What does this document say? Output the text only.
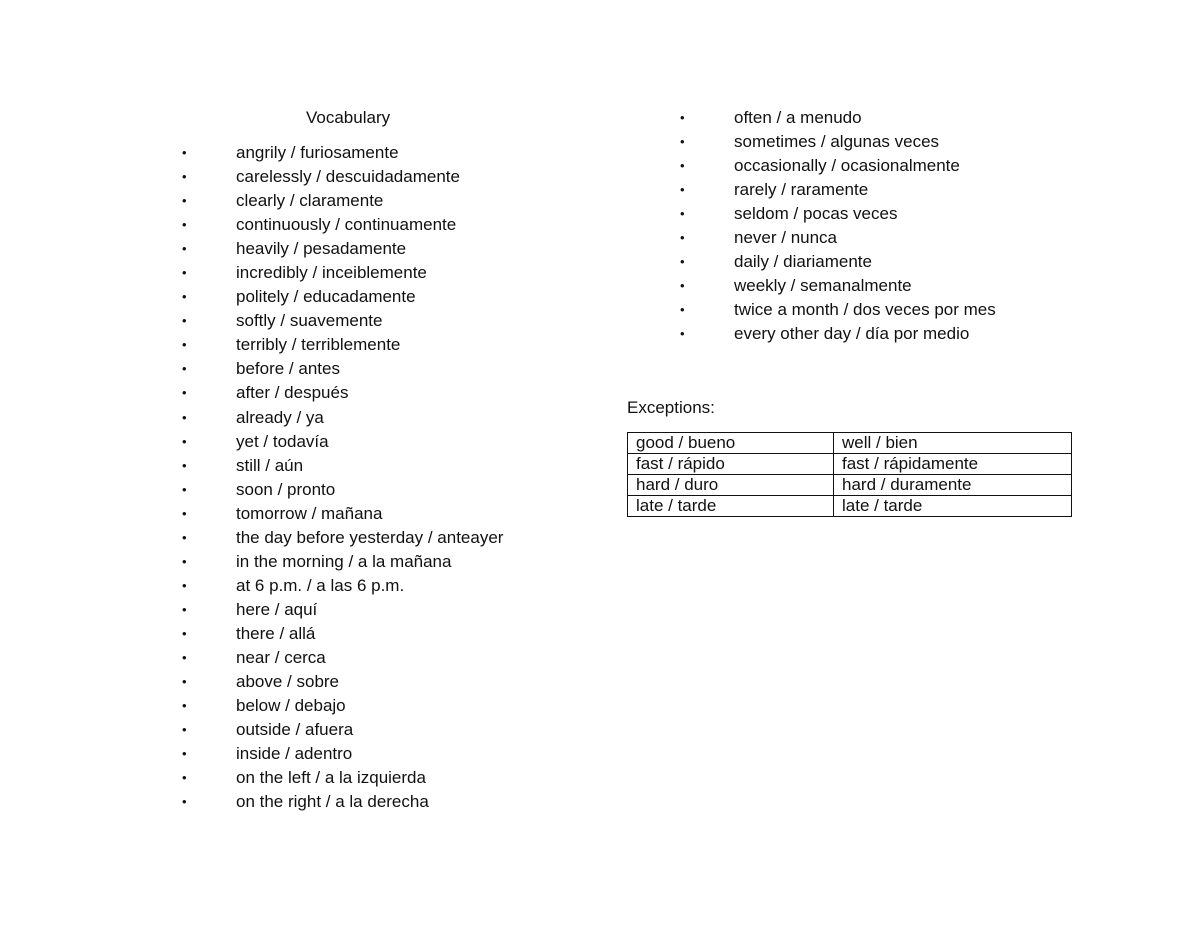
Vocabulary
•	angrily / furiosamente
•	carelessly / descuidadamente
•	clearly / claramente
•	continuously / continuamente
•	heavily / pesadamente
•	incredibly / inceiblemente
•	politely / educadamente
•	softly / suavemente
•	terribly / terriblemente
•	before / antes
•	after / después
•	already / ya
•	yet / todavía
•	still / aún
•	soon / pronto
•	tomorrow / mañana
•	the day before yesterday / anteayer
•	in the morning / a la mañana
•	at 6 p.m. / a las 6 p.m.
•	here / aquí
•	there / allá
•	near / cerca
•	above / sobre
•	below / debajo
•	outside / afuera
•	inside / adentro
•	on the left / a la izquierda
•	on the right / a la derecha
•	often / a menudo
•	sometimes / algunas veces
•	occasionally / ocasionalmente
•	rarely / raramente
•	seldom / pocas veces
•	never / nunca
•	daily / diariamente
•	weekly / semanalmente
•	twice a month / dos veces por mes
•	every other day / día por medio
Exceptions:
good / bueno	well / bien
fast / rápido	fast / rápidamente
hard / duro	hard / duramente
late / tarde	late / tarde
